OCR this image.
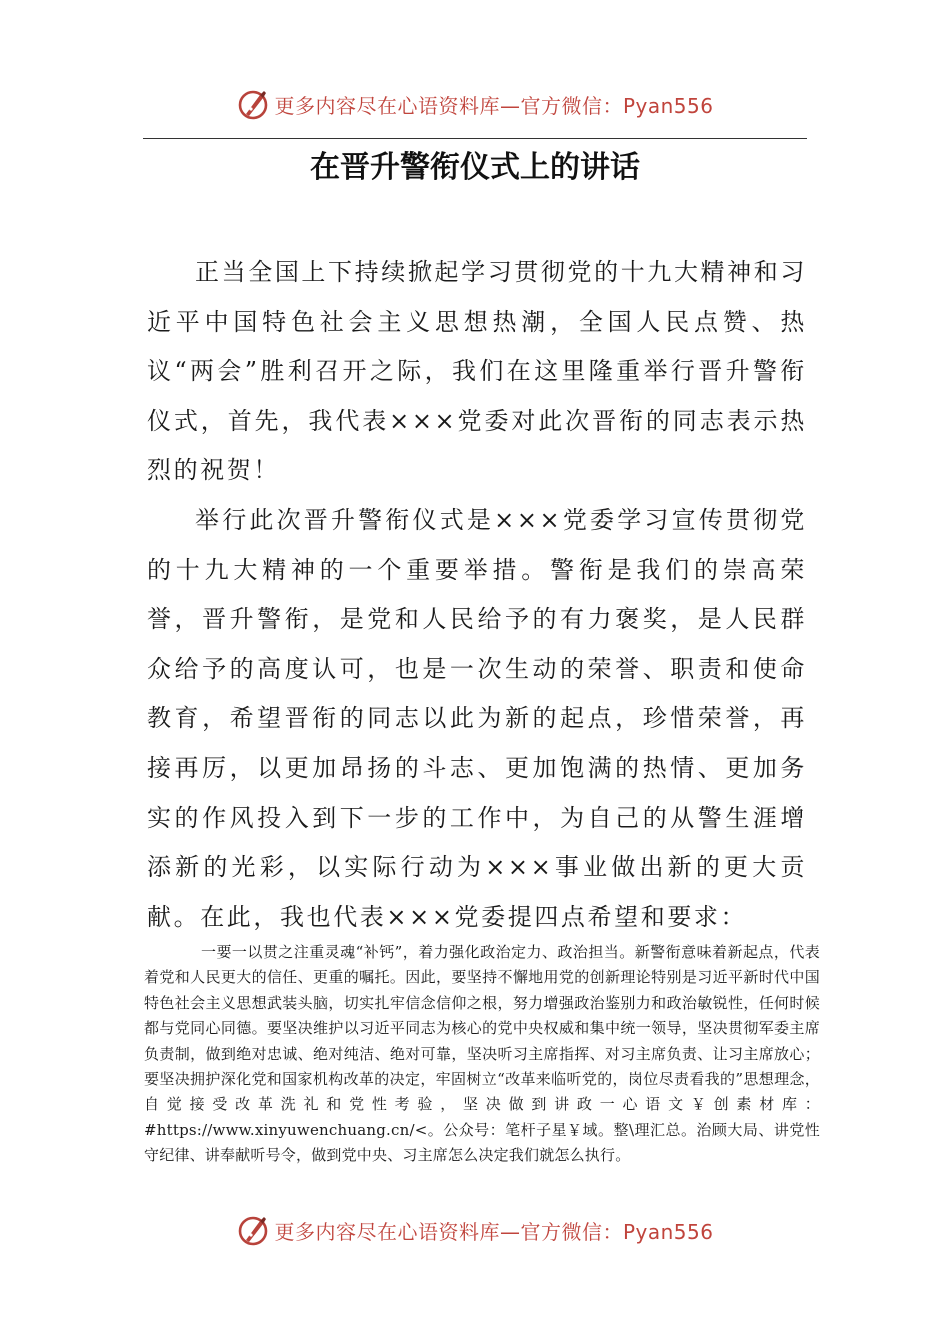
更多内容尽在心语资料库—官方微信：Pyan556
在晋升警衔仪式上的讲话

正当全国上下持续掀起学习贯彻党的十九大精神和习近平中国特色社会主义思想热潮，全国人民点赞、热议“两会”胜利召开之际，我们在这里隆重举行晋升警衔仪式，首先，我代表×××党委对此次晋衔的同志表示热烈的祝贺！

举行此次晋升警衔仪式是×××党委学习宣传贯彻党的十九大精神的一个重要举措。警衔是我们的崇高荣誉，晋升警衔，是党和人民给予的有力褒奖，是人民群众给予的高度认可，也是一次生动的荣誉、职责和使命教育，希望晋衔的同志以此为新的起点，珍惜荣誉，再接再厉，以更加昂扬的斗志、更加饱满的热情、更加务实的作风投入到下一步的工作中，为自己的从警生涯增添新的光彩，以实际行动为×××事业做出新的更大贡献。在此，我也代表×××党委提四点希望和要求：

一要一以贯之注重灵魂“补钙”，着力强化政治定力、政治担当。新警衔意味着新起点，代表着党和人民更大的信任、更重的嘱托。因此，要坚持不懈地用党的创新理论特别是习近平新时代中国特色社会主义思想武装头脑，切实扎牢信念信仰之根，努力增强政治鉴别力和政治敏锐性，任何时候都与党同心同德。要坚决维护以习近平同志为核心的党中央权威和集中统一领导，坚决贯彻军委主席负责制，做到绝对忠诚、绝对纯洁、绝对可靠，坚决听习主席指挥、对习主席负责、让习主席放心；要坚决拥护深化党和国家机构改革的决定，牢固树立“改革来临听党的，岗位尽责看我的”思想理念，自觉接受改革洗礼和党性考验，坚决做到讲政一心语文￥创素材库：#https://www.xinyuwenchuang.cn/<。公众号：笔杆子星￥域。整\理汇总。治顾大局、讲党性守纪律、讲奉献听号令，做到党中央、习主席怎么决定我们就怎么执行。

更多内容尽在心语资料库—官方微信：Pyan556
